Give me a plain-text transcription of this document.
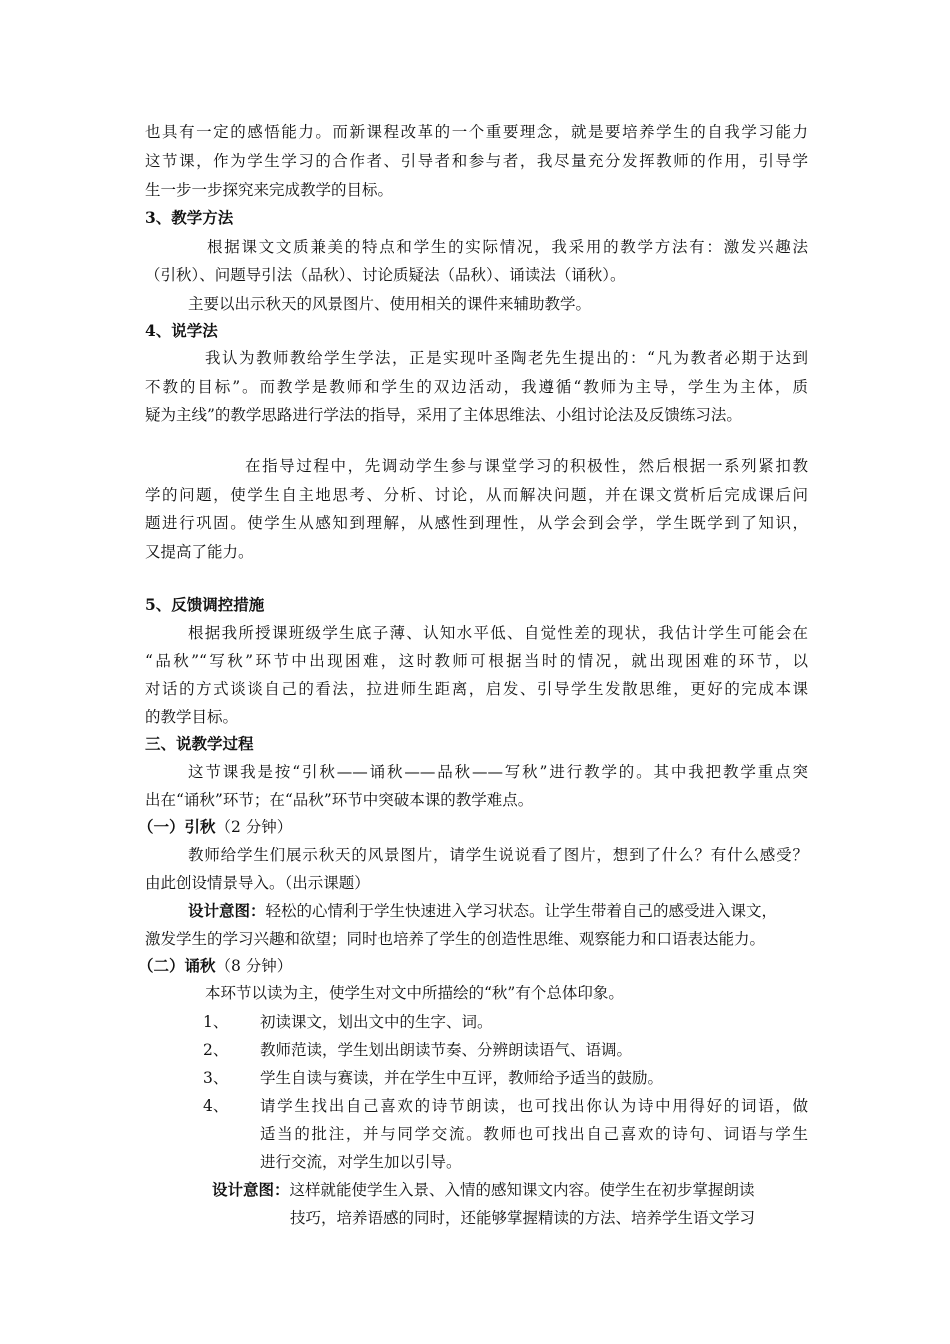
也具有一定的感悟能力。而新课程改革的一个重要理念，就是要培养学生的自我学习能力
这节课，作为学生学习的合作者、引导者和参与者，我尽量充分发挥教师的作用，引导学
生一步一步探究来完成教学的目标。
3、教学方法
根据课文文质兼美的特点和学生的实际情况，我采用的教学方法有：激发兴趣法
（引秋）、问题导引法（品秋）、讨论质疑法（品秋）、诵读法（诵秋）。
主要以出示秋天的风景图片、使用相关的课件来辅助教学。
4、说学法
我认为教师教给学生学法，正是实现叶圣陶老先生提出的：“凡为教者必期于达到
不教的目标”。而教学是教师和学生的双边活动，我遵循“教师为主导，学生为主体，质
疑为主线”的教学思路进行学法的指导，采用了主体思维法、小组讨论法及反馈练习法。
在指导过程中，先调动学生参与课堂学习的积极性，然后根据一系列紧扣教
学的问题，使学生自主地思考、分析、讨论，从而解决问题，并在课文赏析后完成课后问
题进行巩固。使学生从感知到理解，从感性到理性，从学会到会学，学生既学到了知识，
又提高了能力。
5、反馈调控措施
根据我所授课班级学生底子薄、认知水平低、自觉性差的现状，我估计学生可能会在
“品秋”“写秋”环节中出现困难，这时教师可根据当时的情况，就出现困难的环节，以
对话的方式谈谈自己的看法，拉进师生距离，启发、引导学生发散思维，更好的完成本课
的教学目标。
三、说教学过程
这节课我是按“引秋——诵秋——品秋——写秋”进行教学的。其中我把教学重点突
出在“诵秋”环节；在“品秋”环节中突破本课的教学难点。
（一）引秋（2 分钟）
教师给学生们展示秋天的风景图片，请学生说说看了图片，想到了什么？有什么感受？
由此创设情景导入。（出示课题）
设计意图：轻松的心情利于学生快速进入学习状态。让学生带着自己的感受进入课文，
激发学生的学习兴趣和欲望；同时也培养了学生的创造性思维、观察能力和口语表达能力。
（二）诵秋（8 分钟）
本环节以读为主，使学生对文中所描绘的“秋”有个总体印象。
1、 初读课文，划出文中的生字、词。
2、 教师范读，学生划出朗读节奏、分辨朗读语气、语调。
3、 学生自读与赛读，并在学生中互评，教师给予适当的鼓励。
4、 请学生找出自己喜欢的诗节朗读，也可找出你认为诗中用得好的词语，做
适当的批注，并与同学交流。教师也可找出自己喜欢的诗句、词语与学生
进行交流，对学生加以引导。
设计意图：这样就能使学生入景、入情的感知课文内容。使学生在初步掌握朗读
技巧，培养语感的同时，还能够掌握精读的方法、培养学生语文学习
